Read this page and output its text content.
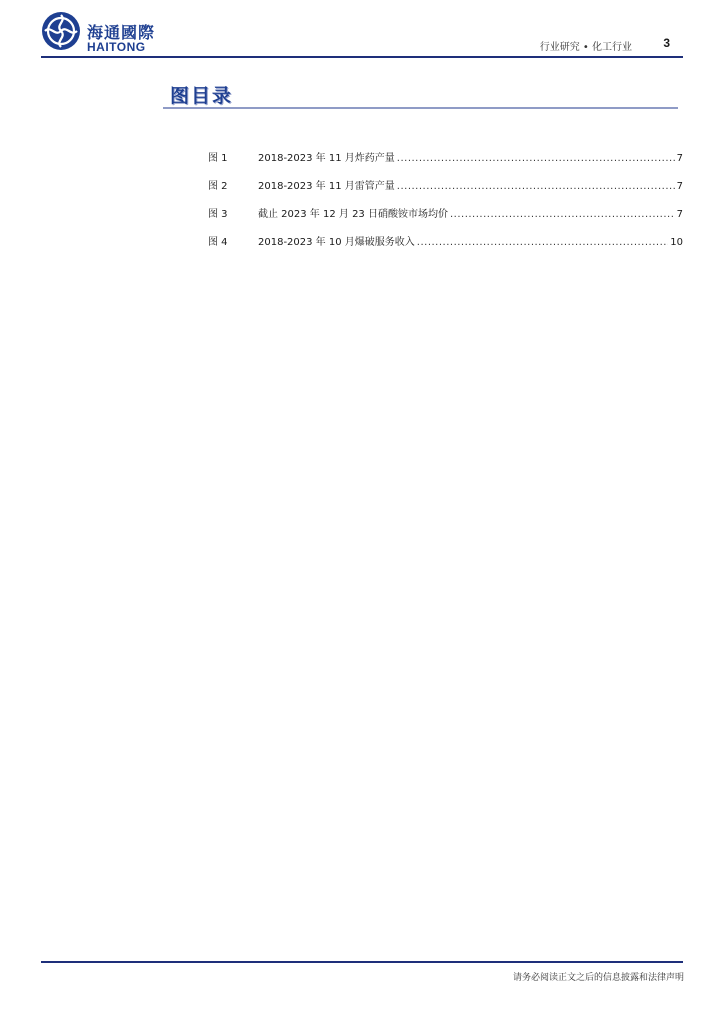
海通國際
HAITONG	行业研究 • 化工行业	3
图目录
图 1	2018-2023 年 11 月炸药产量 .....	7
图 2	2018-2023 年 11 月雷管产量 .....	7
图 3	截止 2023 年 12 月 23 日硝酸铵市场均价 .....	7
图 4	2018-2023 年 10 月爆破服务收入 .....	10
请务必阅读正文之后的信息披露和法律声明
